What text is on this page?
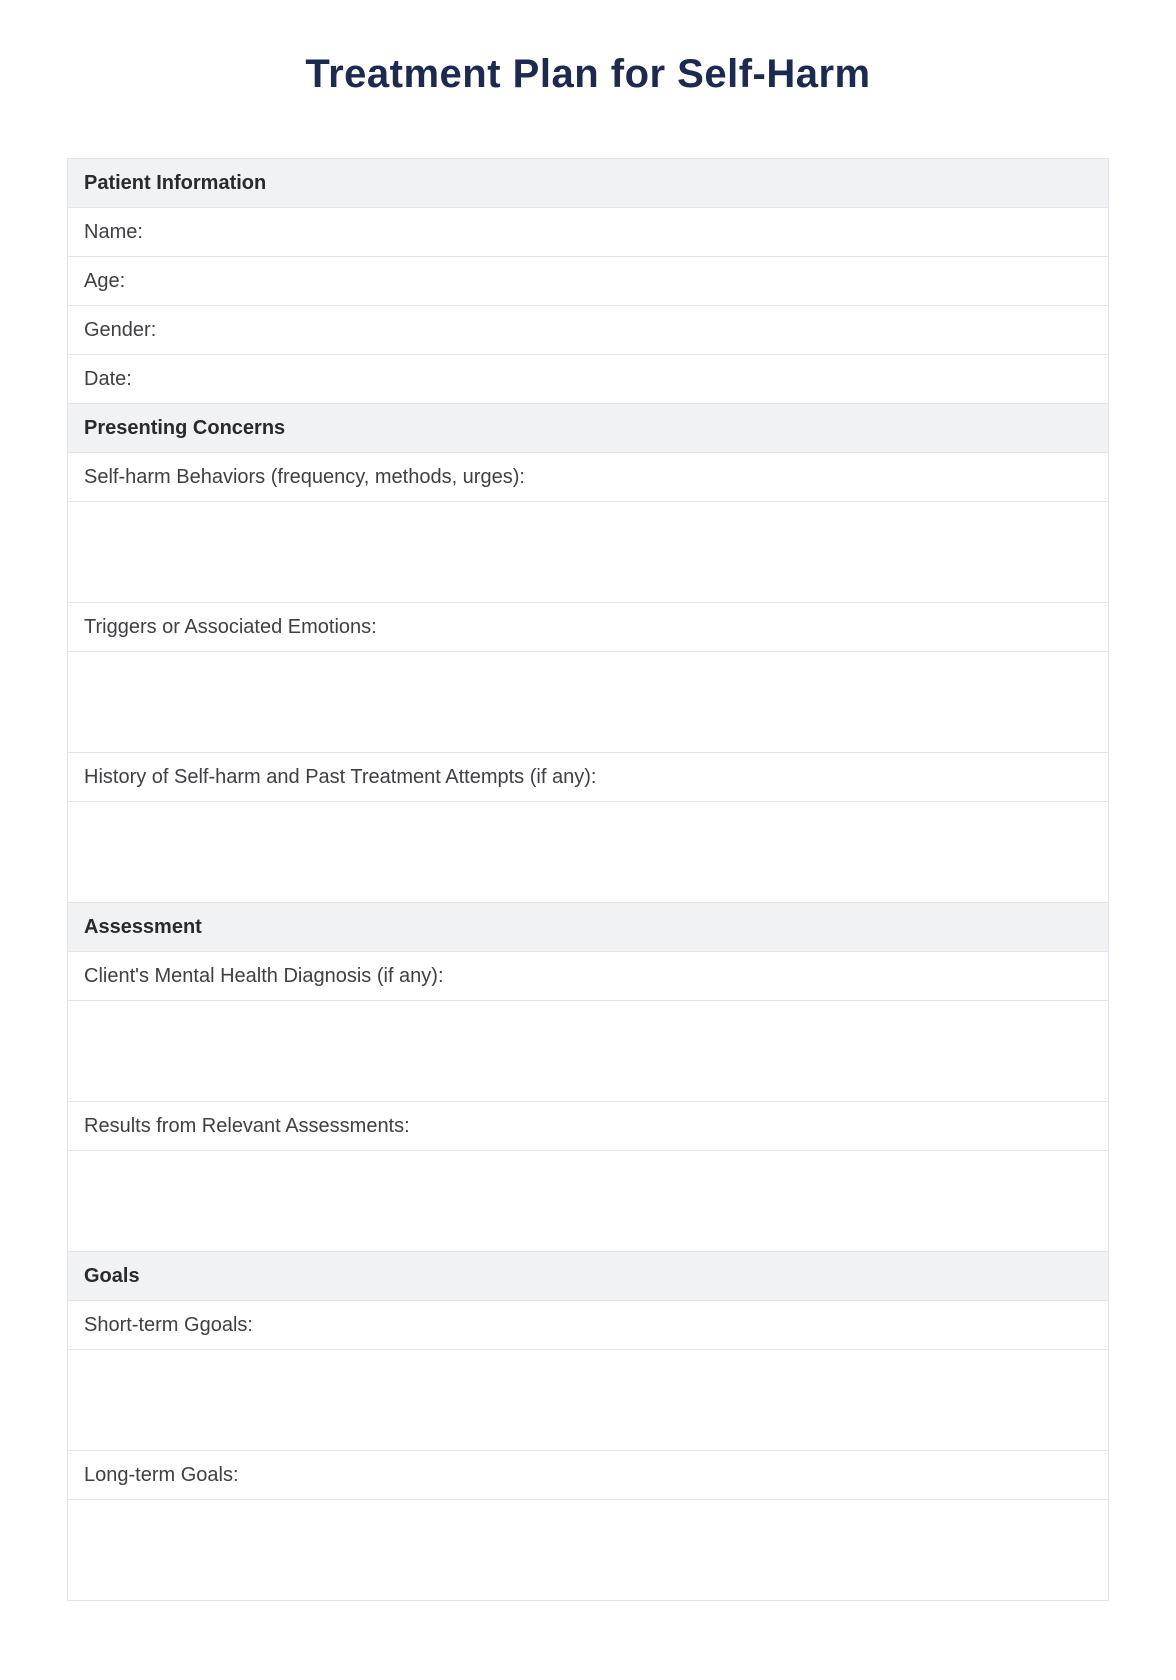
Treatment Plan for Self-Harm
Patient Information
Name:
Age:
Gender:
Date:
Presenting Concerns
Self-harm Behaviors (frequency, methods, urges):
Triggers or Associated Emotions:
History of Self-harm and Past Treatment Attempts (if any):
Assessment
Client's Mental Health Diagnosis (if any):
Results from Relevant Assessments:
Goals
Short-term Ggoals:
Long-term Goals:
